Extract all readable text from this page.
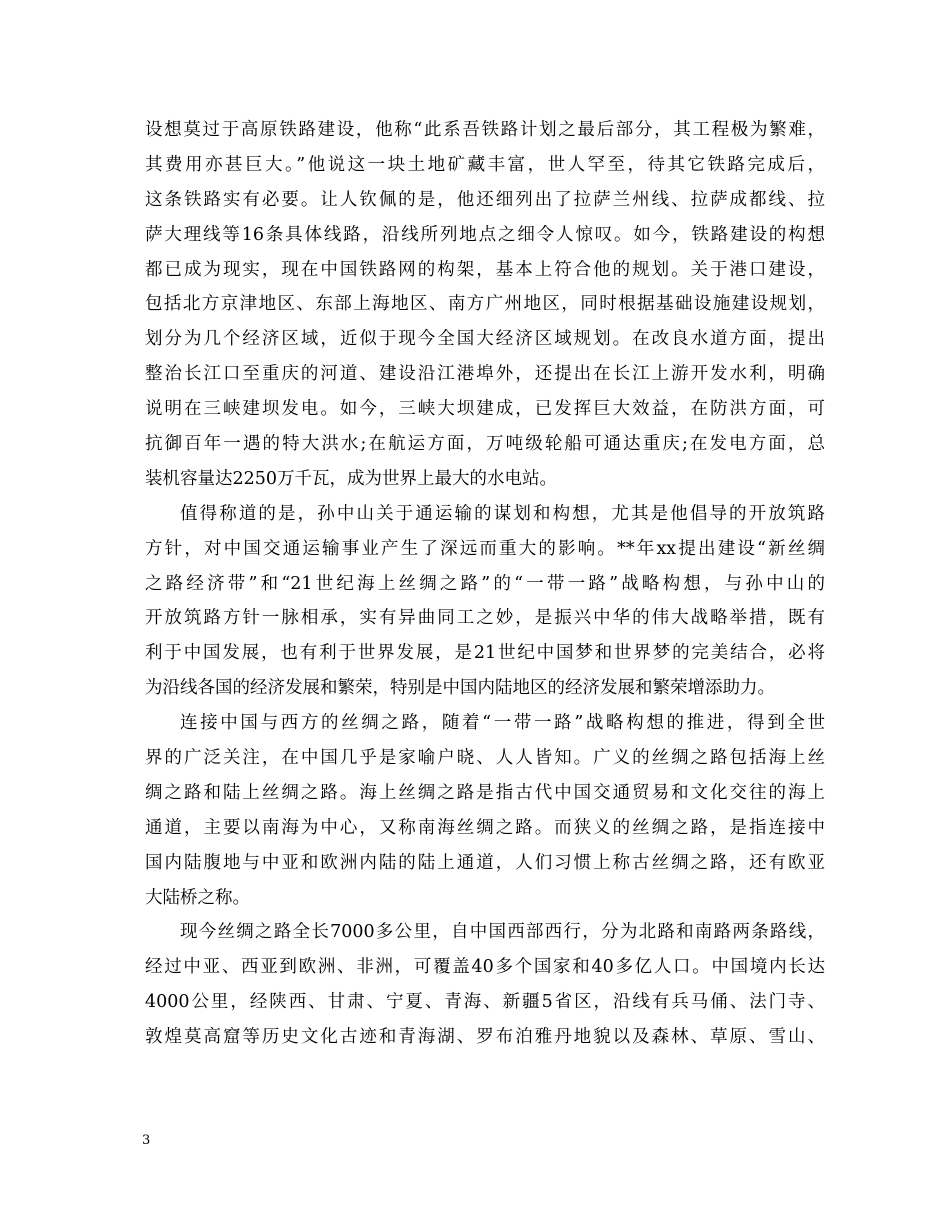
设想莫过于高原铁路建设，他称“此系吾铁路计划之最后部分，其工程极为繁难，
其费用亦甚巨大。”他说这一块土地矿藏丰富，世人罕至，待其它铁路完成后，
这条铁路实有必要。让人钦佩的是，他还细列出了拉萨兰州线、拉萨成都线、拉
萨大理线等16条具体线路，沿线所列地点之细令人惊叹。如今，铁路建设的构想
都已成为现实，现在中国铁路网的构架，基本上符合他的规划。关于港口建设，
包括北方京津地区、东部上海地区、南方广州地区，同时根据基础设施建设规划，
划分为几个经济区域，近似于现今全国大经济区域规划。在改良水道方面，提出
整治长江口至重庆的河道、建设沿江港埠外，还提出在长江上游开发水利，明确
说明在三峡建坝发电。如今，三峡大坝建成，已发挥巨大效益，在防洪方面，可
抗御百年一遇的特大洪水;在航运方面，万吨级轮船可通达重庆;在发电方面，总
装机容量达2250万千瓦，成为世界上最大的水电站。

值得称道的是，孙中山关于通运输的谋划和构想，尤其是他倡导的开放筑路
方针，对中国交通运输事业产生了深远而重大的影响。**年xx提出建设“新丝绸
之路经济带”和“21世纪海上丝绸之路”的“一带一路”战略构想，与孙中山的
开放筑路方针一脉相承，实有异曲同工之妙，是振兴中华的伟大战略举措，既有
利于中国发展，也有利于世界发展，是21世纪中国梦和世界梦的完美结合，必将
为沿线各国的经济发展和繁荣，特别是中国内陆地区的经济发展和繁荣增添助力。

连接中国与西方的丝绸之路，随着“一带一路”战略构想的推进，得到全世
界的广泛关注，在中国几乎是家喻户晓、人人皆知。广义的丝绸之路包括海上丝
绸之路和陆上丝绸之路。海上丝绸之路是指古代中国交通贸易和文化交往的海上
通道，主要以南海为中心，又称南海丝绸之路。而狭义的丝绸之路，是指连接中
国内陆腹地与中亚和欧洲内陆的陆上通道，人们习惯上称古丝绸之路，还有欧亚
大陆桥之称。

现今丝绸之路全长7000多公里，自中国西部西行，分为北路和南路两条路线，
经过中亚、西亚到欧洲、非洲，可覆盖40多个国家和40多亿人口。中国境内长达
4000公里，经陕西、甘肃、宁夏、青海、新疆5省区，沿线有兵马俑、法门寺、
敦煌莫高窟等历史文化古迹和青海湖、罗布泊雅丹地貌以及森林、草原、雪山、

3
